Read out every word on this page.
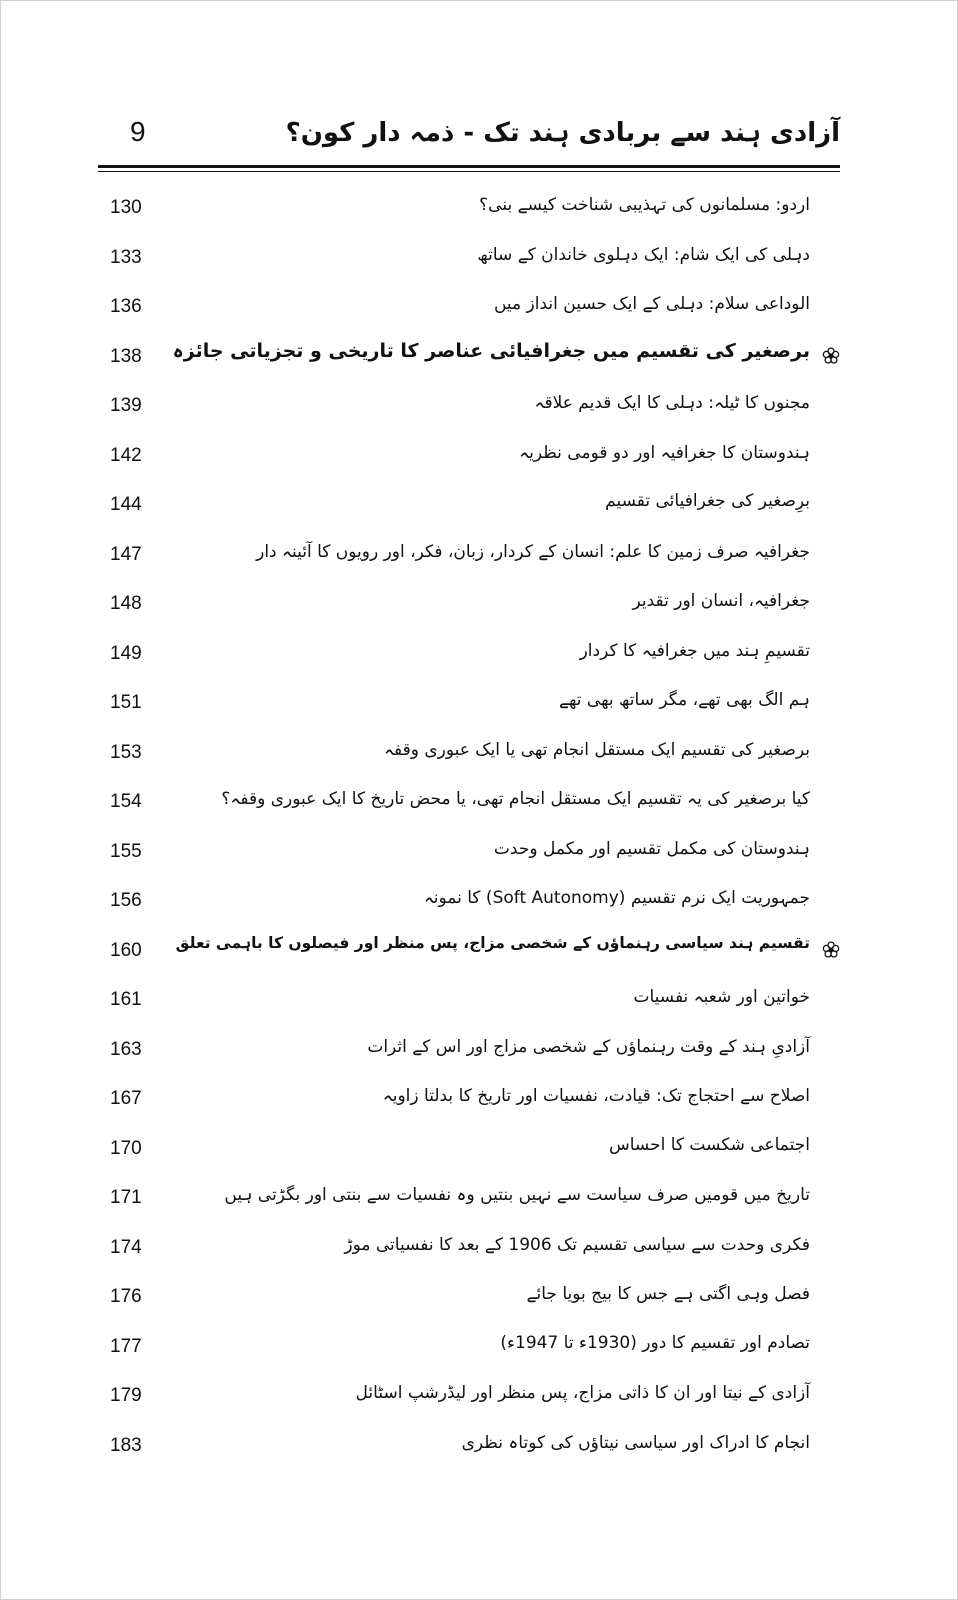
9	آزادی ہند سے بربادی ہند تک - ذمہ دار کون؟
130	اردو: مسلمانوں کی تہذیبی شناخت کیسے بنی؟
133	دہلی کی ایک شام: ایک دہلوی خاندان کے ساتھ
136	الوداعی سلام: دہلی کے ایک حسین انداز میں
138 برصغیر کی تقسیم میں جغرافیائی عناصر کا تاریخی و تجزیاتی جائزہ
139	مجنوں کا ٹیلہ: دہلی کا ایک قدیم علاقہ
142	ہندوستان کا جغرافیہ اور دو قومی نظریہ
144	برِصغیر کی جغرافیائی تقسیم
147	جغرافیہ صرف زمین کا علم: انسان کے کردار، زبان، فکر، اور رویوں کا آئینہ دار
148	جغرافیہ، انسان اور تقدیر
149	تقسیمِ ہند میں جغرافیہ کا کردار
151	ہم الگ بھی تھے، مگر ساتھ بھی تھے
153	برصغیر کی تقسیم ایک مستقل انجام تھی یا ایک عبوری وقفہ
154	کیا برصغیر کی یہ تقسیم ایک مستقل انجام تھی، یا محض تاریخ کا ایک عبوری وقفہ؟
155	ہندوستان کی مکمل تقسیم اور مکمل وحدت
156	جمہوریت ایک نرم تقسیم (Soft Autonomy) کا نمونہ
160 تقسیم ہند سیاسی رہنماؤں کے شخصی مزاج، پس منظر اور فیصلوں کا باہمی تعلق
161	خواتین اور شعبہ نفسیات
163	آزادیِ ہند کے وقت رہنماؤں کے شخصی مزاج اور اس کے اثرات
167	اصلاح سے احتجاج تک: قیادت، نفسیات اور تاریخ کا بدلتا زاویہ
170	اجتماعی شکست کا احساس
171	تاریخ میں قومیں صرف سیاست سے نہیں بنتیں وہ نفسیات سے بنتی اور بگڑتی ہیں
174	فکری وحدت سے سیاسی تقسیم تک 1906 کے بعد کا نفسیاتی موڑ
176	فصل وہی اگتی ہے جس کا بیج بویا جائے
177	تصادم اور تقسیم کا دور (1930ء تا 1947ء)
179	آزادی کے نیتا اور ان کا ذاتی مزاج، پس منظر اور لیڈرشپ اسٹائل
183	انجام کا ادراک اور سیاسی نیتاؤں کی کوتاہ نظری
